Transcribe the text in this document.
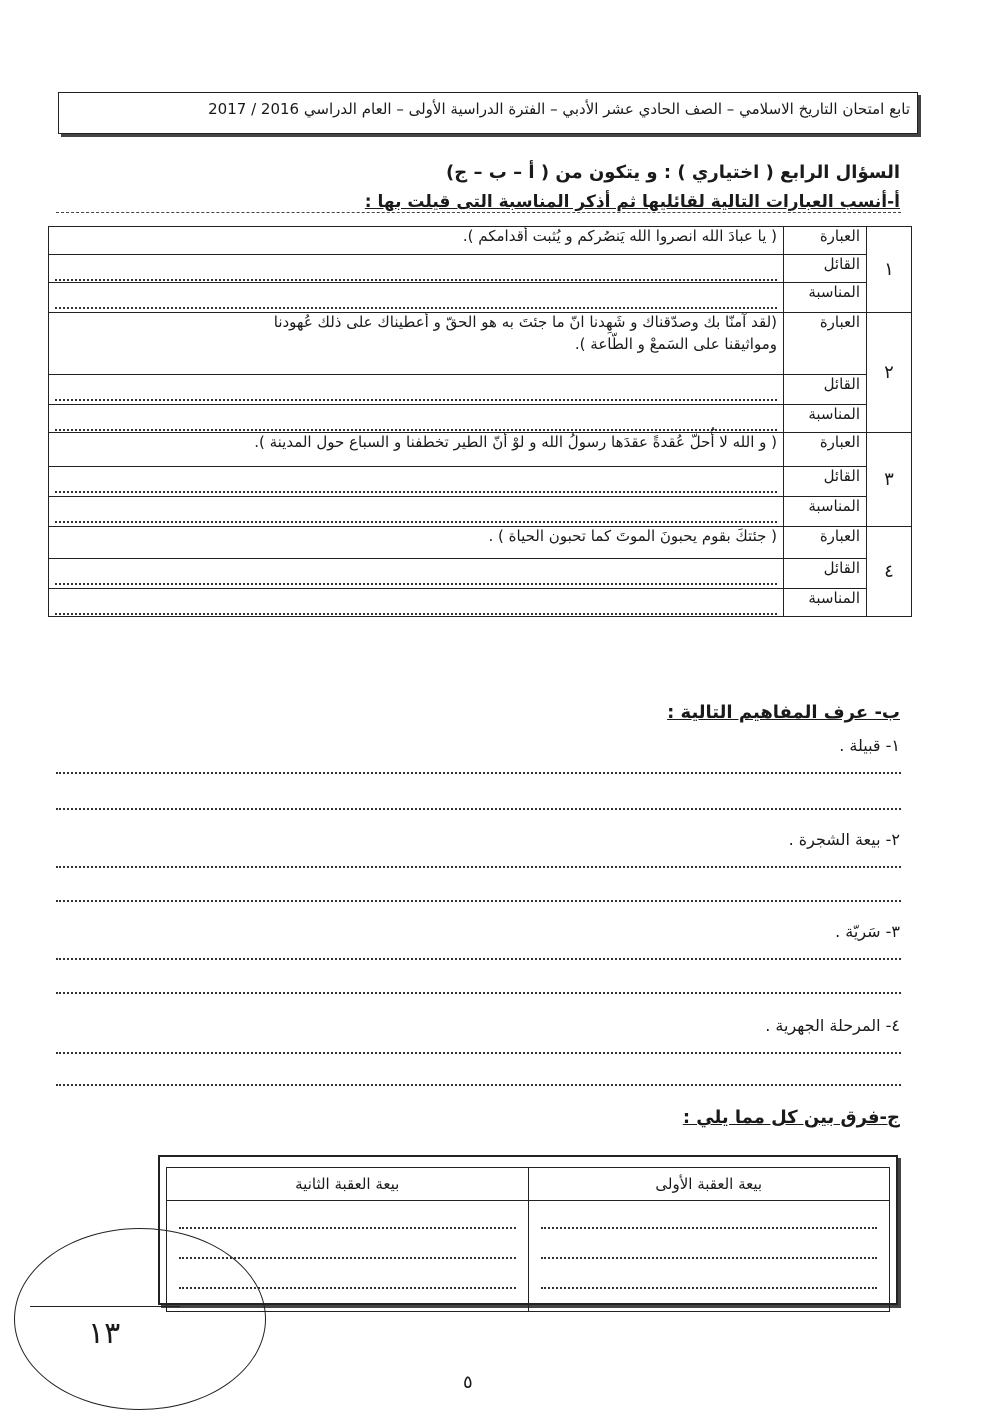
تابع امتحان التاريخ الاسلامي – الصف الحادي عشر الأدبي – الفترة الدراسية الأولى – العام الدراسي 2016 / 2017
السؤال الرابع ( اختياري ) : و يتكون من ( أ – ب – ج)
أ-أنسب العبارات التالية لقائليها ثم أذكر المناسبة التى قيلت بها :
١	العبارة	( يا عبادَ الله انصروا الله يَنصُركم و يُثبت أقدامكم ).
	القائل	

	المناسبة	

٢	العبارة	(لقد آمنّا بك وصدّقناك و شَهِدنا انّ ما جئتَ به هو الحقّ و أعطيناك على ذلك عُهودنا
ومواثيقنا على السَمعْ و الطّاعة ).

	القائل	

	المناسبة	

٣	العبارة	( و الله لا أُحلّ عُقدةً عقدَها رسولُ الله و لوْ أنّ الطير تخطفنا و السباع حول المدينة ).
	القائل	

	المناسبة	

٤	العبارة	( جئتكَ بقوم يحبونَ الموتَ كما تحبون الحياة ) .
	القائل	

	المناسبة	
ب- عرف المفاهيم التالية :
١- قبيلة .
٢- بيعة الشجرة .
٣- سَريّة .
٤- المرحلة الجهرية .
ج-فرق بين كل مما يلي :
بيعة العقبة الأولى	بيعة العقبة الثانية

١٣
٥
